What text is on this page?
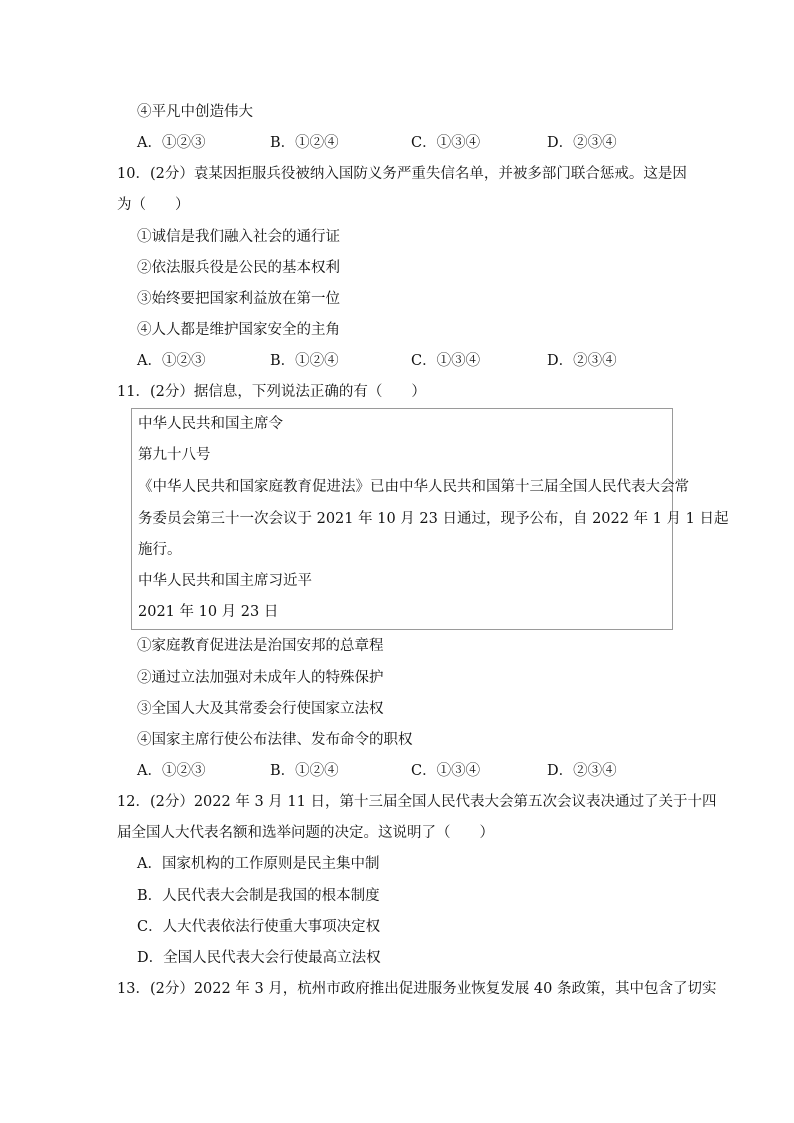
④平凡中创造伟大
A．①②③	B．①②④	C．①③④	D．②③④
10．(2分）袁某因拒服兵役被纳入国防义务严重失信名单，并被多部门联合惩戒。这是因
为（　　）
①诚信是我们融入社会的通行证
②依法服兵役是公民的基本权利
③始终要把国家利益放在第一位
④人人都是维护国家安全的主角
A．①②③	B．①②④	C．①③④	D．②③④
11．(2分）据信息，下列说法正确的有（　　）
中华人民共和国主席令
第九十八号
《中华人民共和国家庭教育促进法》已由中华人民共和国第十三届全国人民代表大会常
务委员会第三十一次会议于 2021 年 10 月 23 日通过，现予公布，自 2022 年 1 月 1 日起
施行。
中华人民共和国主席习近平
2021 年 10 月 23 日
①家庭教育促进法是治国安邦的总章程
②通过立法加强对未成年人的特殊保护
③全国人大及其常委会行使国家立法权
④国家主席行使公布法律、发布命令的职权
A．①②③	B．①②④	C．①③④	D．②③④
12．(2分）2022 年 3 月 11 日，第十三届全国人民代表大会第五次会议表决通过了关于十四
届全国人大代表名额和选举问题的决定。这说明了（　　）
A．国家机构的工作原则是民主集中制
B．人民代表大会制是我国的根本制度
C．人大代表依法行使重大事项决定权
D．全国人民代表大会行使最高立法权
13．(2分）2022 年 3 月，杭州市政府推出促进服务业恢复发展 40 条政策，其中包含了切实
